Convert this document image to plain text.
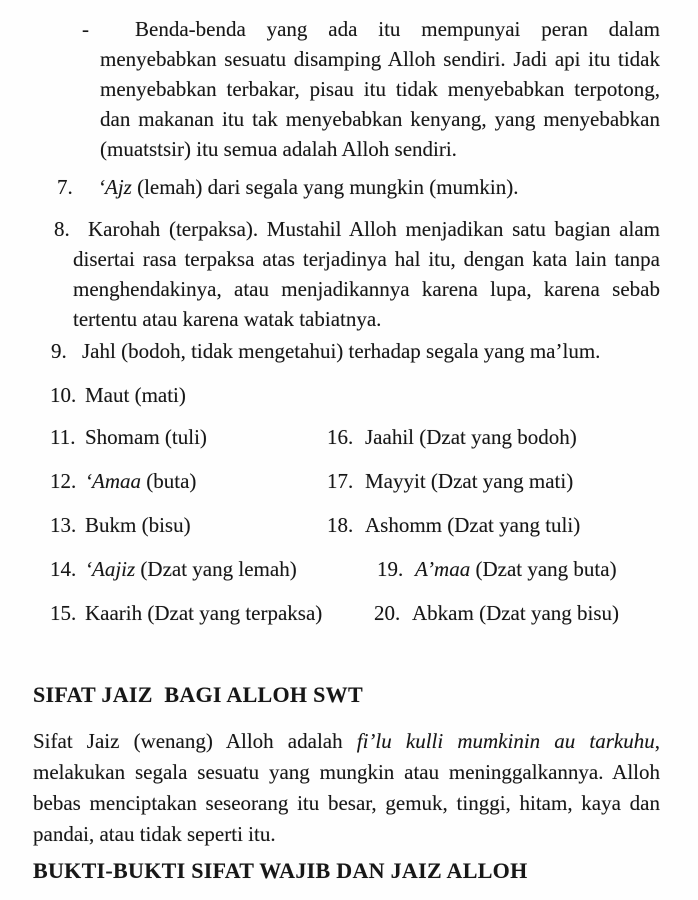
-	Benda-benda yang ada itu mempunyai peran dalam menyebabkan sesuatu disamping Alloh sendiri. Jadi api itu tidak menyebabkan terbakar, pisau itu tidak menyebabkan terpotong, dan makanan itu tak menyebabkan kenyang, yang menyebabkan (muatstsir) itu semua adalah Alloh sendiri.

7. ‘Ajz (lemah) dari segala yang mungkin (mumkin).

8. Karohah (terpaksa). Mustahil Alloh menjadikan satu bagian alam disertai rasa terpaksa atas terjadinya hal itu, dengan kata lain tanpa menghendakinya, atau menjadikannya karena lupa, karena sebab tertentu atau karena watak tabiatnya.

9. Jahl (bodoh, tidak mengetahui) terhadap segala yang ma’lum.

10. Maut (mati)

11. Shomam (tuli)	16. Jaahil (Dzat yang bodoh)

12. ‘Amaa (buta)	17. Mayyit (Dzat yang mati)

13. Bukm (bisu)	18. Ashomm (Dzat yang tuli)

14. ‘Aajiz (Dzat yang lemah)	19. A’maa (Dzat yang buta)

15. Kaarih (Dzat yang terpaksa) 20. Abkam (Dzat yang bisu)

SIFAT JAIZ  BAGI ALLOH SWT

Sifat Jaiz (wenang) Alloh adalah fi’lu kulli mumkinin au tarkuhu, melakukan segala sesuatu yang mungkin atau meninggalkannya. Alloh bebas menciptakan seseorang itu besar, gemuk, tinggi, hitam, kaya dan pandai, atau tidak seperti itu.

BUKTI-BUKTI SIFAT WAJIB DAN JAIZ ALLOH
